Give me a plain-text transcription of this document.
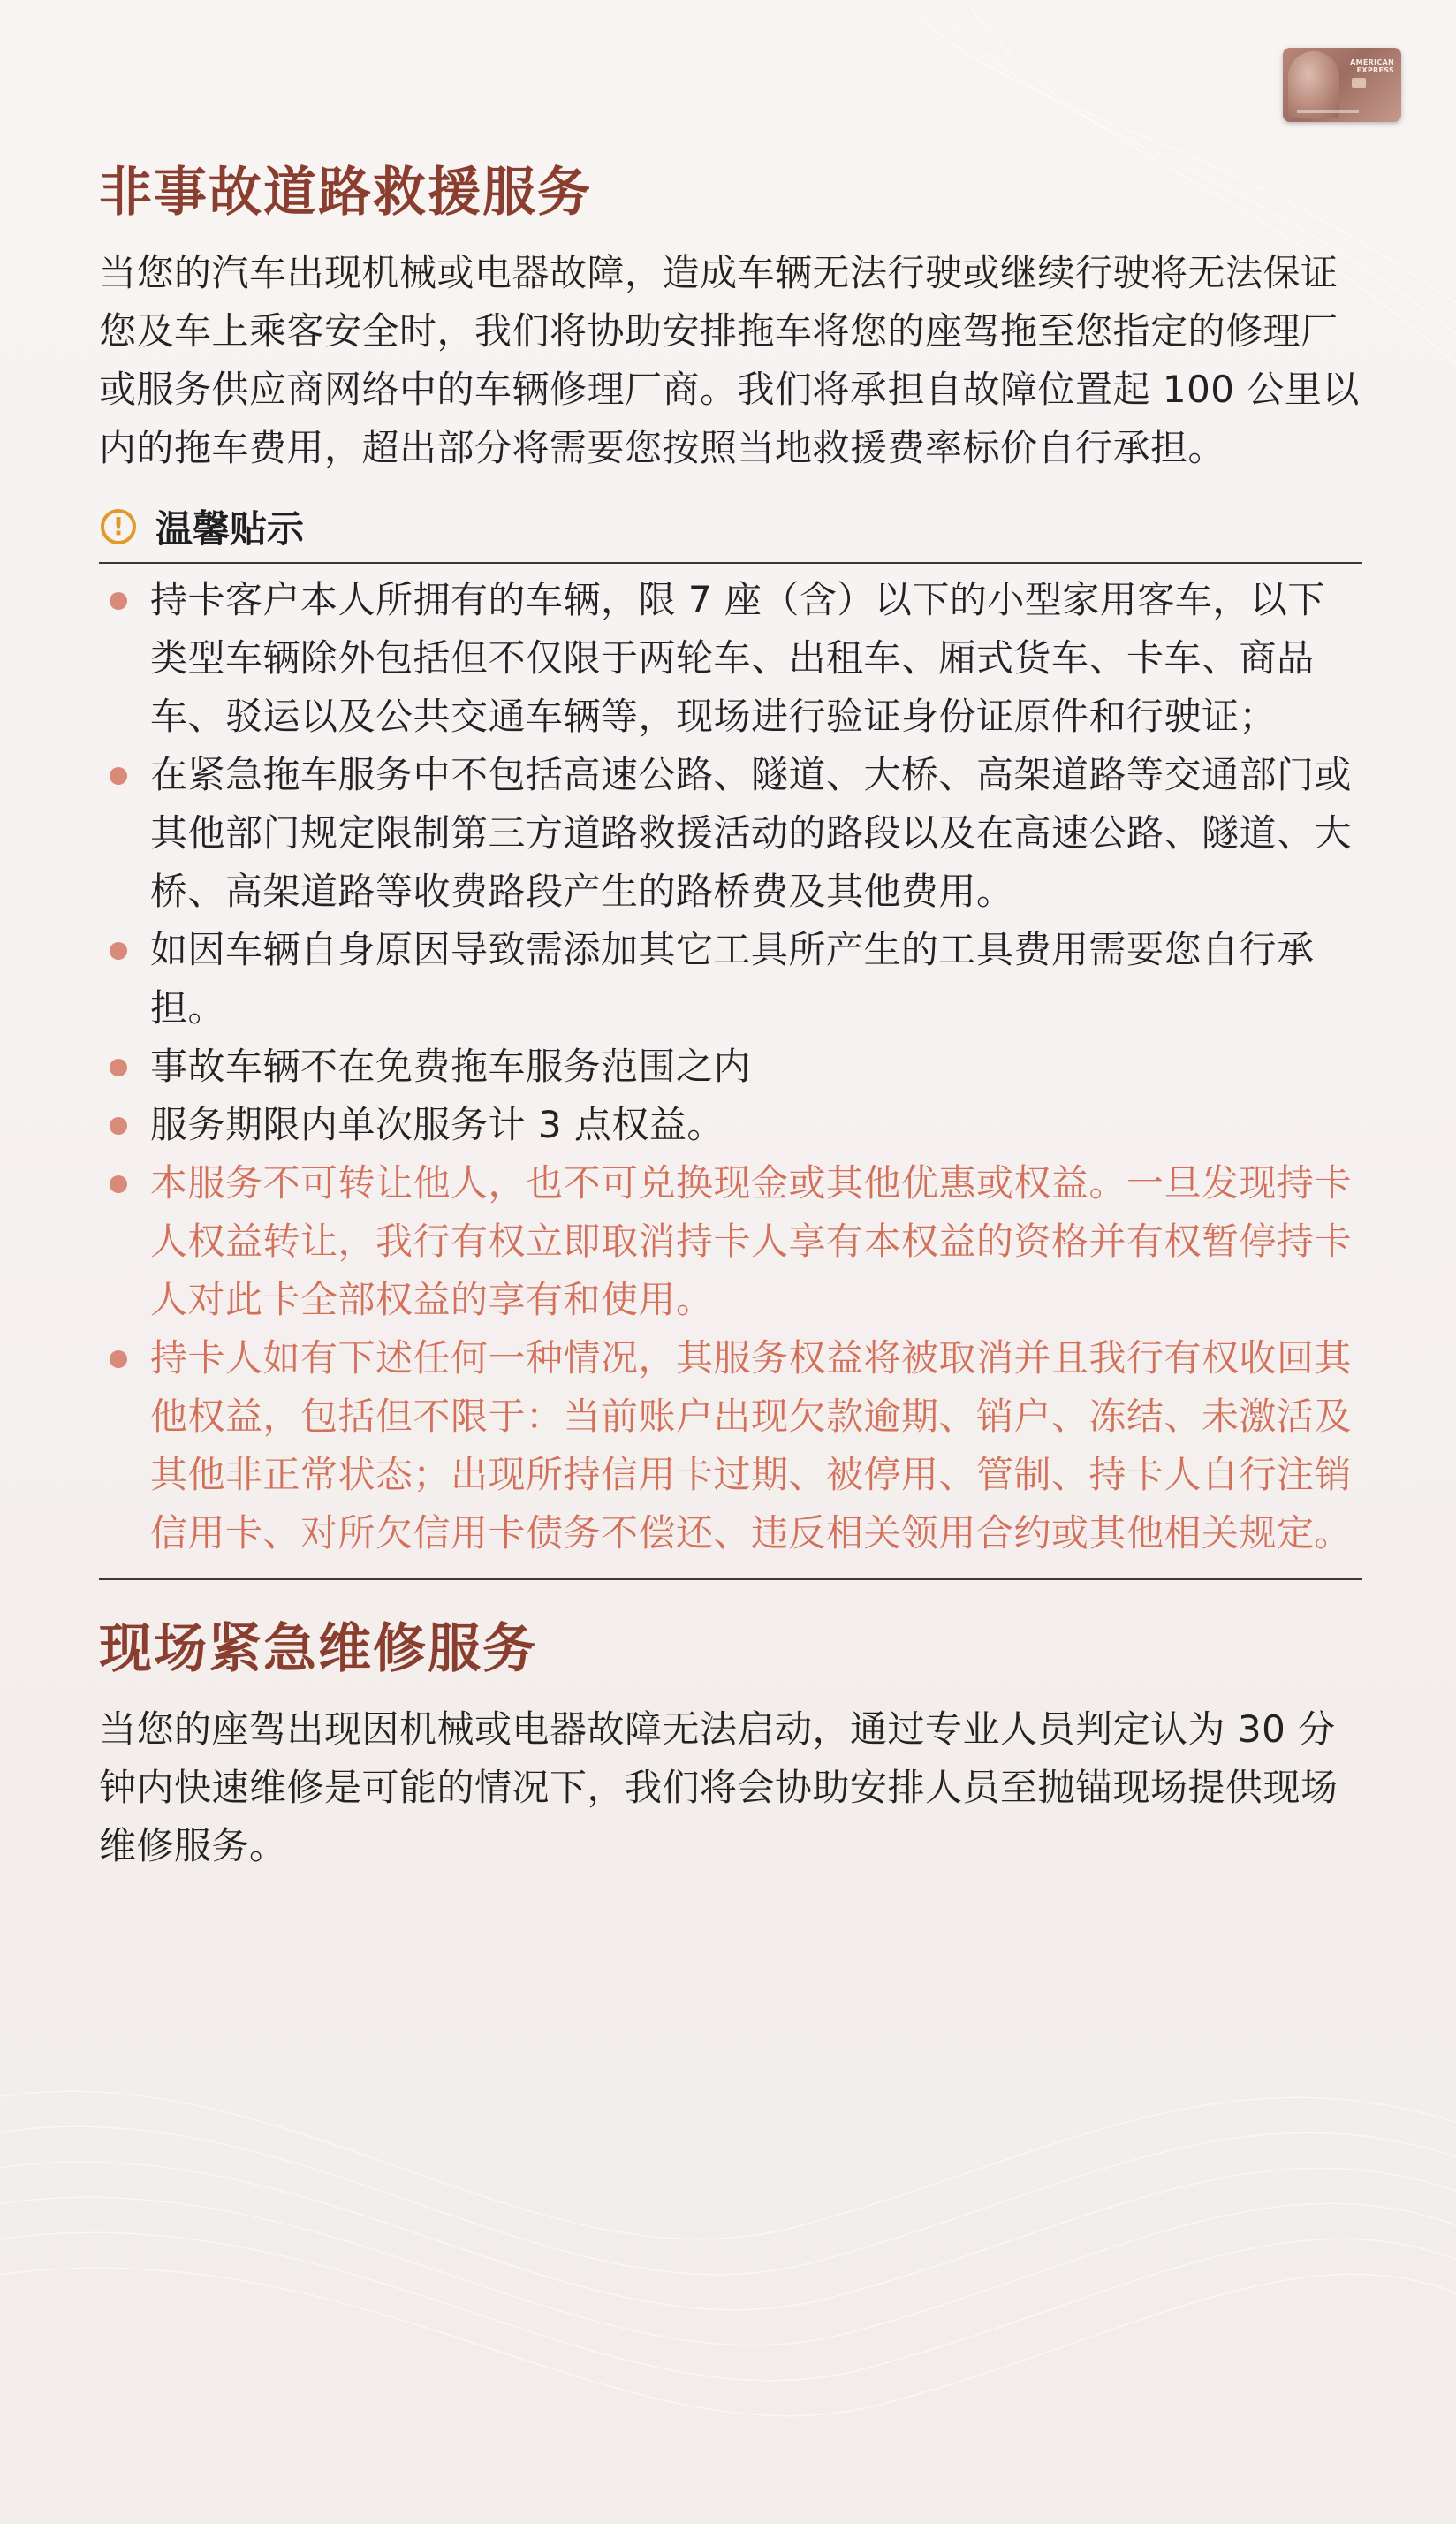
AMERICAN
EXPRESS
非事故道路救援服务

当您的汽车出现机械或电器故障，造成车辆无法行驶或继续行驶将无法保证您及车上乘客安全时，我们将协助安排拖车将您的座驾拖至您指定的修理厂或服务供应商网络中的车辆修理厂商。我们将承担自故障位置起 100 公里以内的拖车费用，超出部分将需要您按照当地救援费率标价自行承担。

! 温馨贴示
持卡客户本人所拥有的车辆，限 7 座（含）以下的小型家用客车，以下类型车辆除外包括但不仅限于两轮车、出租车、厢式货车、卡车、商品车、驳运以及公共交通车辆等，现场进行验证身份证原件和行驶证；
在紧急拖车服务中不包括高速公路、隧道、大桥、高架道路等交通部门或其他部门规定限制第三方道路救援活动的路段以及在高速公路、隧道、大桥、高架道路等收费路段产生的路桥费及其他费用。
如因车辆自身原因导致需添加其它工具所产生的工具费用需要您自行承担。
事故车辆不在免费拖车服务范围之内
服务期限内单次服务计 3 点权益。
本服务不可转让他人，也不可兑换现金或其他优惠或权益。一旦发现持卡人权益转让，我行有权立即取消持卡人享有本权益的资格并有权暂停持卡人对此卡全部权益的享有和使用。
持卡人如有下述任何一种情况，其服务权益将被取消并且我行有权收回其他权益，包括但不限于：当前账户出现欠款逾期、销户、冻结、未激活及其他非正常状态；出现所持信用卡过期、被停用、管制、持卡人自行注销信用卡、对所欠信用卡债务不偿还、违反相关领用合约或其他相关规定。
现场紧急维修服务

当您的座驾出现因机械或电器故障无法启动，通过专业人员判定认为 30 分钟内快速维修是可能的情况下，我们将会协助安排人员至抛锚现场提供现场维修服务。
